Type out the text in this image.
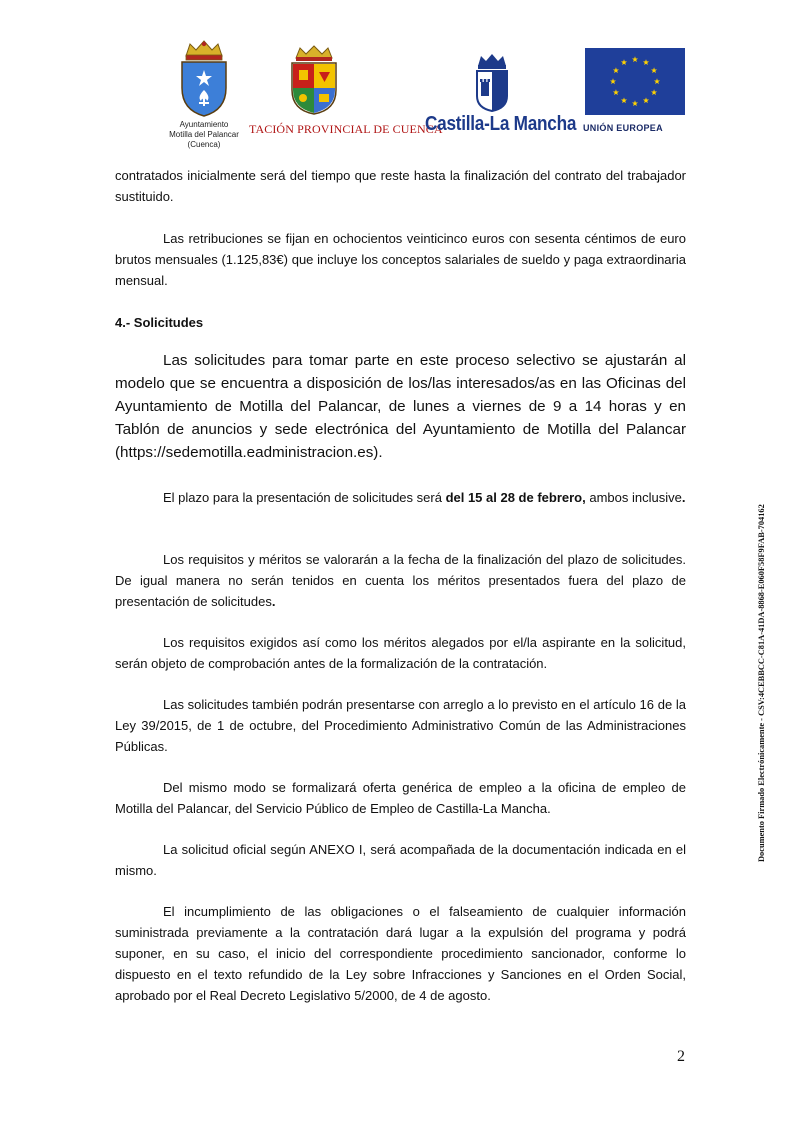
Ayuntamiento
Motilla del Palancar
(Cuenca)
TACIÓN PROVINCIAL DE CUENCA
Castilla-La Mancha UNIÓN EUROPEA
contratados inicialmente será del tiempo que reste hasta la finalización del contrato del trabajador sustituido.
Las retribuciones se fijan en ochocientos veinticinco euros con sesenta céntimos de euro brutos mensuales (1.125,83€) que incluye los conceptos salariales de sueldo y paga extraordinaria mensual.
4.- Solicitudes
Las solicitudes para tomar parte en este proceso selectivo se ajustarán al modelo que se encuentra a disposición de los/las interesados/as en las Oficinas del Ayuntamiento de Motilla del Palancar, de lunes a viernes de 9 a 14 horas y en Tablón de anuncios y sede electrónica del Ayuntamiento de Motilla del Palancar (https://sedemotilla.eadministracion.es).
El plazo para la presentación de solicitudes será del 15 al 28 de febrero, ambos inclusive.
Los requisitos y méritos se valorarán a la fecha de la finalización del plazo de solicitudes. De igual manera no serán tenidos en cuenta los méritos presentados fuera del plazo de presentación de solicitudes.
Los requisitos exigidos así como los méritos alegados por el/la aspirante en la solicitud, serán objeto de comprobación antes de la formalización de la contratación.
Las solicitudes también podrán presentarse con arreglo a lo previsto en el artículo 16 de la Ley 39/2015, de 1 de octubre, del Procedimiento Administrativo Común de las Administraciones Públicas.
Del mismo modo se formalizará oferta genérica de empleo a la oficina de empleo de Motilla del Palancar, del Servicio Público de Empleo de Castilla-La Mancha.
La solicitud oficial según ANEXO I, será acompañada de la documentación indicada en el mismo.
El incumplimiento de las obligaciones o el falseamiento de cualquier información suministrada previamente a la contratación dará lugar a la expulsión del programa y podrá suponer, en su caso, el inicio del correspondiente procedimiento sancionador, conforme lo dispuesto en el texto refundido de la Ley sobre Infracciones y Sanciones en el Orden Social, aprobado por el Real Decreto Legislativo 5/2000, de 4 de agosto.
Documento Firmado Electrónicamente - CSV:4CEBBCC-C81A-41DA-8868-E060F58F9FAB-704162
2
